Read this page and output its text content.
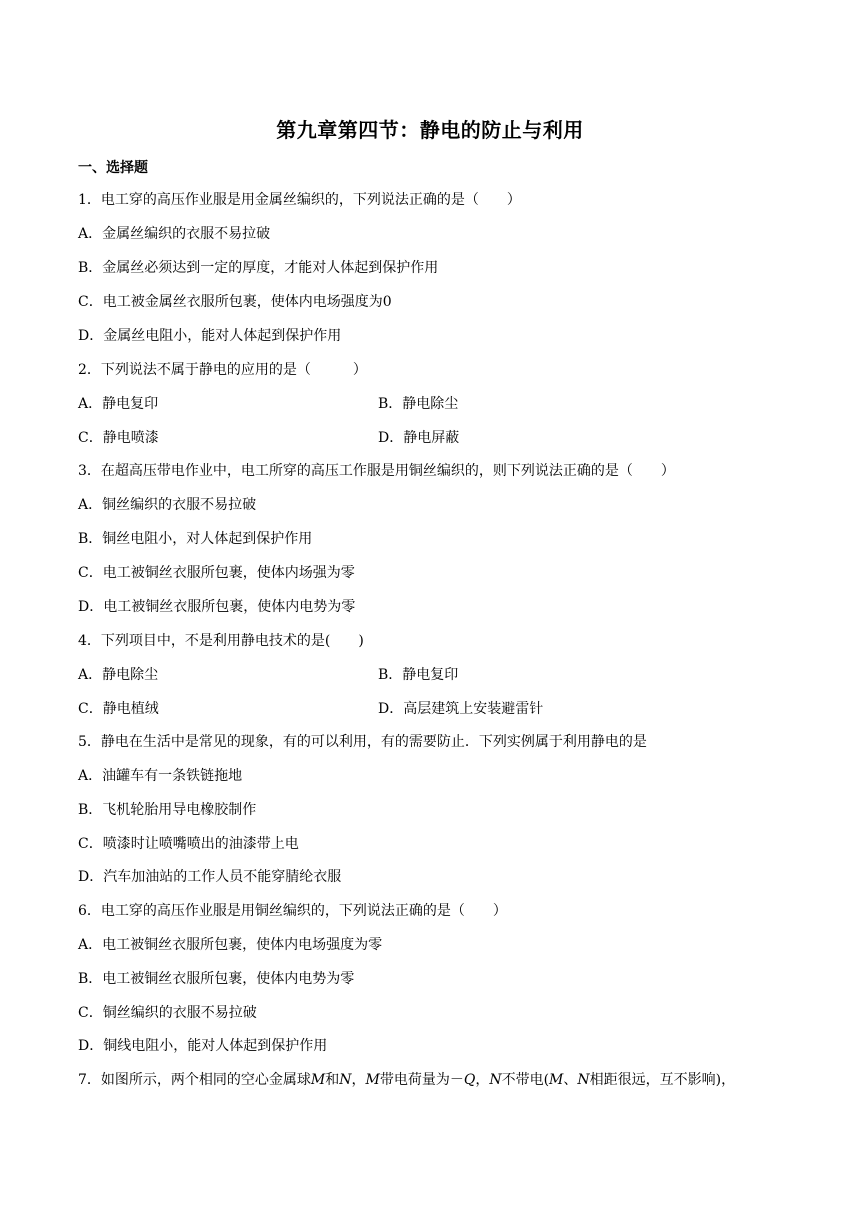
第九章第四节：静电的防止与利用
一、选择题
1．电工穿的高压作业服是用金属丝编织的，下列说法正确的是（　　）
A．金属丝编织的衣服不易拉破
B．金属丝必须达到一定的厚度，才能对人体起到保护作用
C．电工被金属丝衣服所包裹，使体内电场强度为0
D．金属丝电阻小，能对人体起到保护作用
2．下列说法不属于静电的应用的是（　　　）
A．静电复印	B．静电除尘
C．静电喷漆	D．静电屏蔽
3．在超高压带电作业中，电工所穿的高压工作服是用铜丝编织的，则下列说法正确的是（　　）
A．铜丝编织的衣服不易拉破
B．铜丝电阻小，对人体起到保护作用
C．电工被铜丝衣服所包裹，使体内场强为零
D．电工被铜丝衣服所包裹，使体内电势为零
4．下列项目中，不是利用静电技术的是(　　)
A．静电除尘	B．静电复印
C．静电植绒	D．高层建筑上安装避雷针
5．静电在生活中是常见的现象，有的可以利用，有的需要防止．下列实例属于利用静电的是
A．油罐车有一条铁链拖地
B．飞机轮胎用导电橡胶制作
C．喷漆时让喷嘴喷出的油漆带上电
D．汽车加油站的工作人员不能穿腈纶衣服
6．电工穿的高压作业服是用铜丝编织的，下列说法正确的是（　　）
A．电工被铜丝衣服所包裹，使体内电场强度为零
B．电工被铜丝衣服所包裹，使体内电势为零
C．铜丝编织的衣服不易拉破
D．铜线电阻小，能对人体起到保护作用
7．如图所示，两个相同的空心金属球M和N，M带电荷量为－Q，N不带电(M、N相距很远，互不影响)，
